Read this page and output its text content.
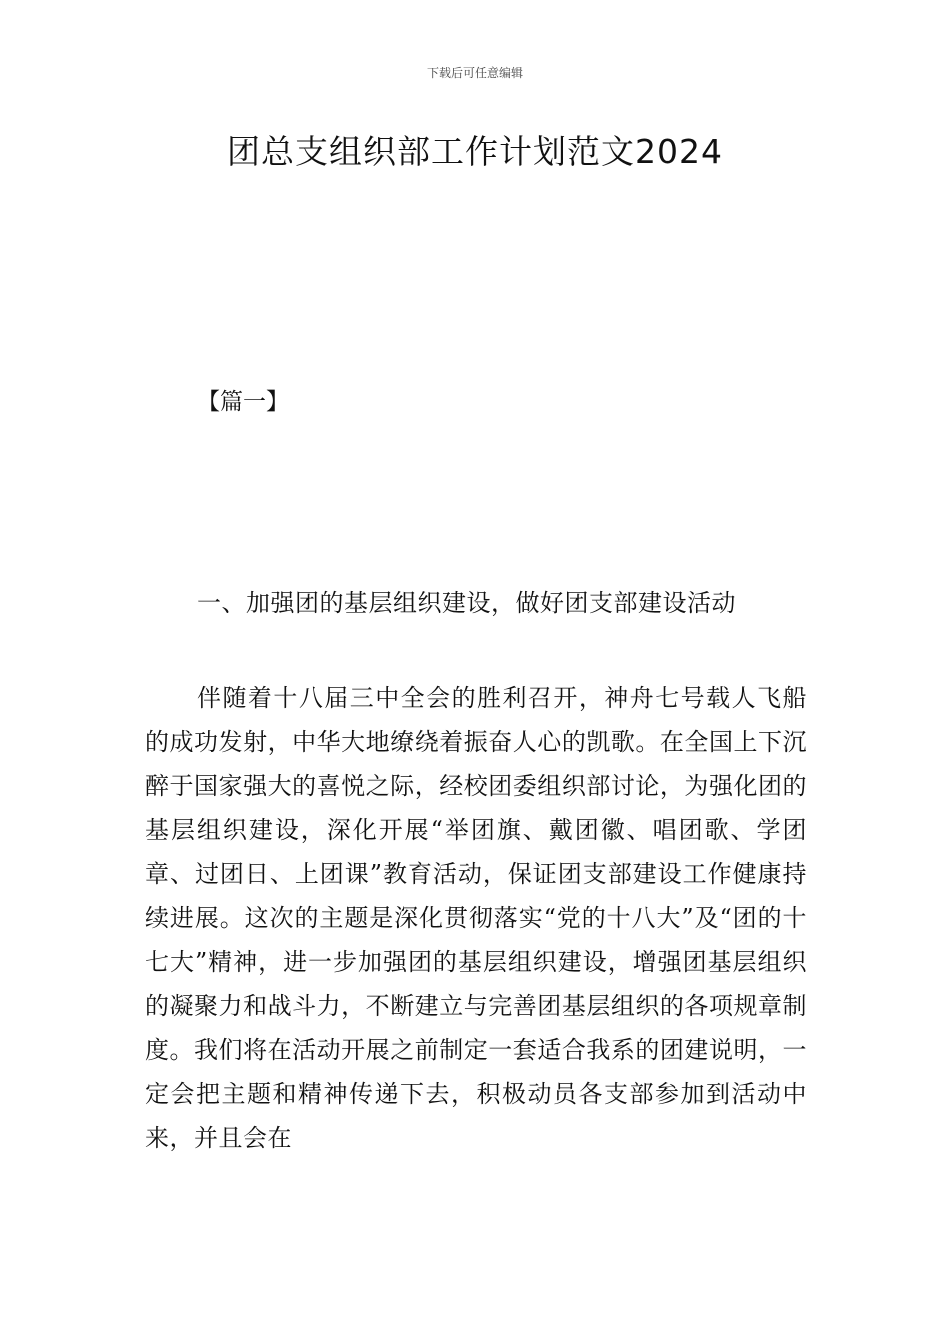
下载后可任意编辑
团总支组织部工作计划范文2024
【篇一】
一、加强团的基层组织建设，做好团支部建设活动

伴随着十八届三中全会的胜利召开，神舟七号载人飞船的成功发射，中华大地缭绕着振奋人心的凯歌。在全国上下沉醉于国家强大的喜悦之际，经校团委组织部讨论，为强化团的基层组织建设，深化开展“举团旗、戴团徽、唱团歌、学团章、过团日、上团课”教育活动，保证团支部建设工作健康持续进展。这次的主题是深化贯彻落实“党的十八大”及“团的十七大”精神，进一步加强团的基层组织建设，增强团基层组织的凝聚力和战斗力，不断建立与完善团基层组织的各项规章制度。我们将在活动开展之前制定一套适合我系的团建说明，一定会把主题和精神传递下去，积极动员各支部参加到活动中来，并且会在
